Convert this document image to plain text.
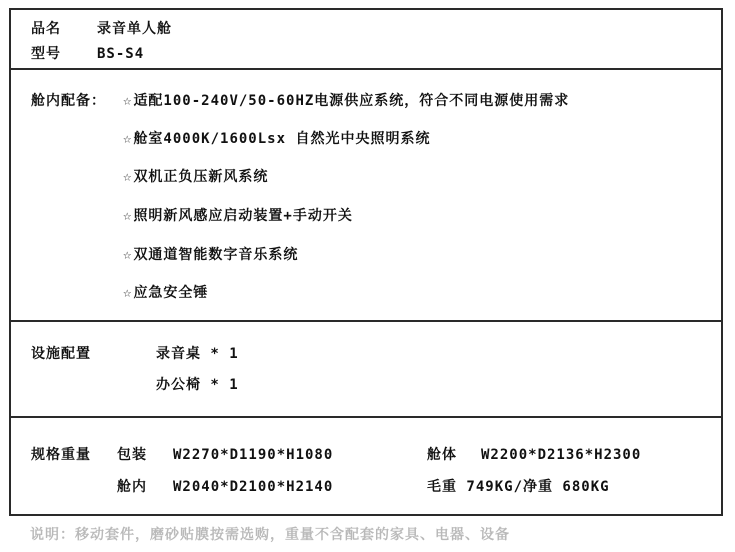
品名	录音单人舱
型号	BS-S4
舱内配备： ☆适配100-240V/50-60HZ电源供应系统，符合不同电源使用需求
☆舱室4000K/1600Lsx 自然光中央照明系统
☆双机正负压新风系统
☆照明新风感应启动装置+手动开关
☆双通道智能数字音乐系统
☆应急安全锤
设施配置	录音桌 * 1
办公椅 * 1
规格重量 包装 W2270*D1190*H1080	舱体 W2200*D2136*H2300
舱内 W2040*D2100*H2140	毛重 749KG/净重 680KG
说明：移动套件，磨砂贴膜按需选购，重量不含配套的家具、电器、设备
